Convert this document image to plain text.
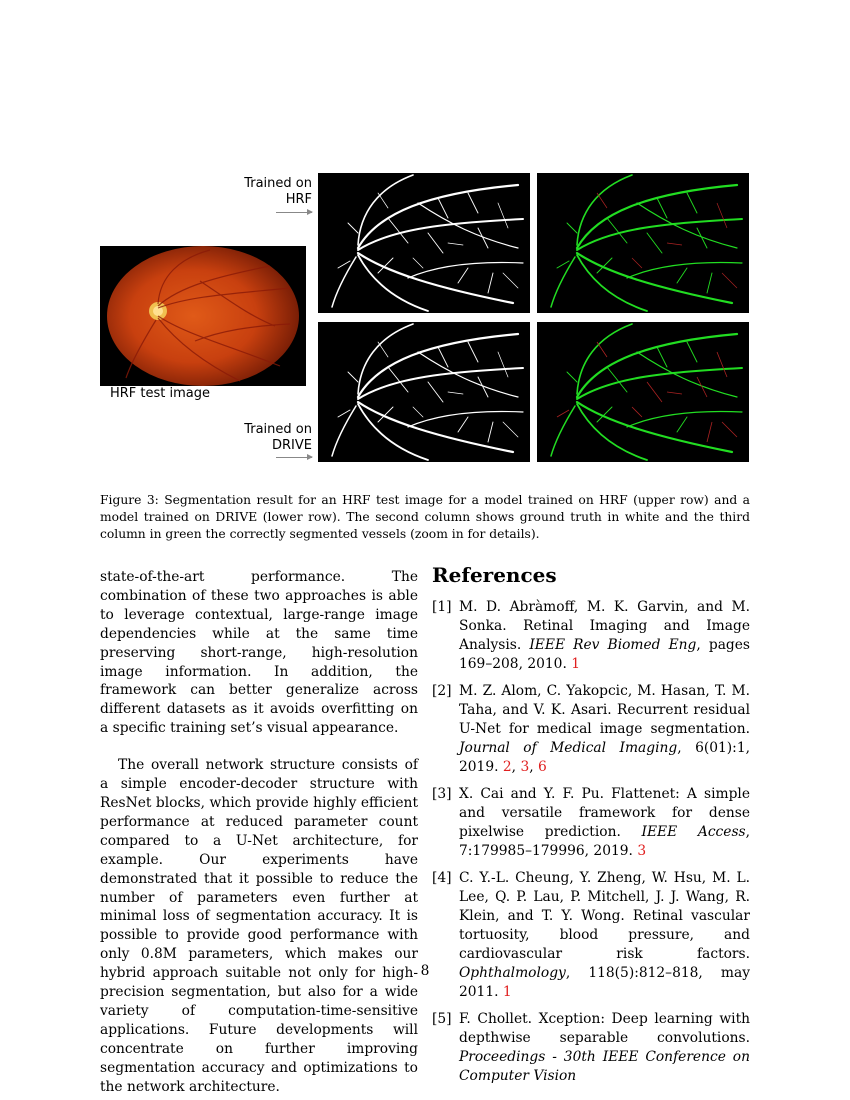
Trained on
HRF
Trained on
DRIVE
HRF test image
Figure 3: Segmentation result for an HRF test image for a model trained on HRF (upper row) and a model trained on DRIVE (lower row). The second column shows ground truth in white and the third column in green the correctly segmented vessels (zoom in for details).

state-of-the-art performance. The combination of these two approaches is able to leverage contextual, large-range image dependencies while at the same time preserving short-range, high-resolution image information. In addition, the framework can better generalize across different datasets as it avoids overfitting on a specific training set’s visual appearance.

The overall network structure consists of a simple encoder-decoder structure with ResNet blocks, which provide highly efficient performance at reduced parameter count compared to a U-Net architecture, for example. Our experiments have demonstrated that it possible to reduce the number of parameters even further at minimal loss of segmentation accuracy. It is possible to provide good performance with only 0.8M parameters, which makes our hybrid approach suitable not only for high-precision segmentation, but also for a wide variety of computation-time-sensitive applications. Future developments will concentrate on further improving segmentation accuracy and optimizations to the network architecture.

References
[1] M. D. Abràmoff, M. K. Garvin, and M. Sonka. Retinal Imaging and Image Analysis. IEEE Rev Biomed Eng, pages 169–208, 2010. 1
[2] M. Z. Alom, C. Yakopcic, M. Hasan, T. M. Taha, and V. K. Asari. Recurrent residual U-Net for medical image segmentation. Journal of Medical Imaging, 6(01):1, 2019. 2, 3, 6
[3] X. Cai and Y. F. Pu. Flattenet: A simple and versatile framework for dense pixelwise prediction. IEEE Access, 7:179985–179996, 2019. 3
[4] C. Y.-L. Cheung, Y. Zheng, W. Hsu, M. L. Lee, Q. P. Lau, P. Mitchell, J. J. Wang, R. Klein, and T. Y. Wong. Retinal vascular tortuosity, blood pressure, and cardiovascular risk factors. Ophthalmology, 118(5):812–818, may 2011. 1
[5] F. Chollet. Xception: Deep learning with depthwise separable convolutions. Proceedings - 30th IEEE Conference on Computer Vision
8
